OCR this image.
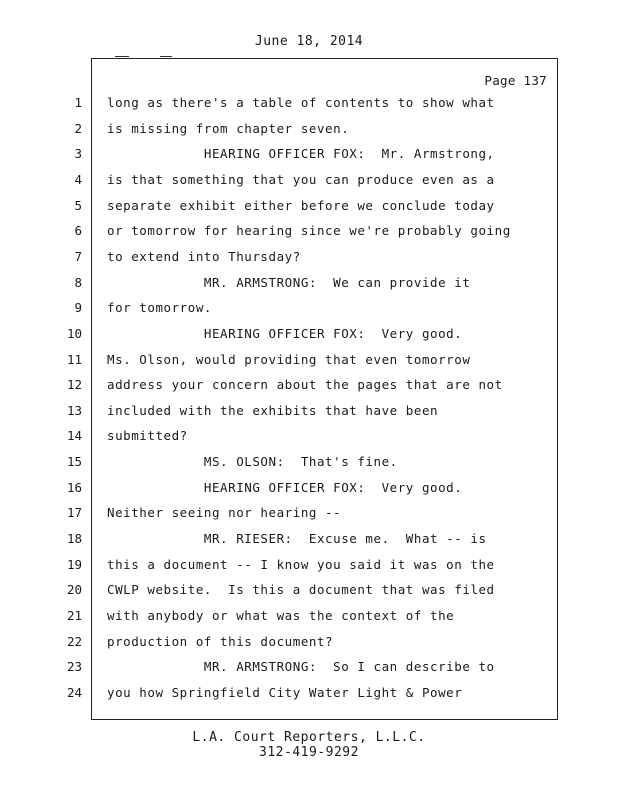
June 18, 2014
Page 137
1 long as there's a table of contents to show what
2 is missing from chapter seven.
3 HEARING OFFICER FOX:  Mr. Armstrong,
4 is that something that you can produce even as a
5 separate exhibit either before we conclude today
6 or tomorrow for hearing since we're probably going
7 to extend into Thursday?
8 MR. ARMSTRONG:  We can provide it
9 for tomorrow.
10 HEARING OFFICER FOX:  Very good.
11 Ms. Olson, would providing that even tomorrow
12 address your concern about the pages that are not
13 included with the exhibits that have been
14 submitted?
15 MS. OLSON:  That's fine.
16 HEARING OFFICER FOX:  Very good.
17 Neither seeing nor hearing --
18 MR. RIESER:  Excuse me.  What -- is
19 this a document -- I know you said it was on the
20 CWLP website.  Is this a document that was filed
21 with anybody or what was the context of the
22 production of this document?
23 MR. ARMSTRONG:  So I can describe to
24 you how Springfield City Water Light & Power
L.A. Court Reporters, L.L.C.
312-419-9292
